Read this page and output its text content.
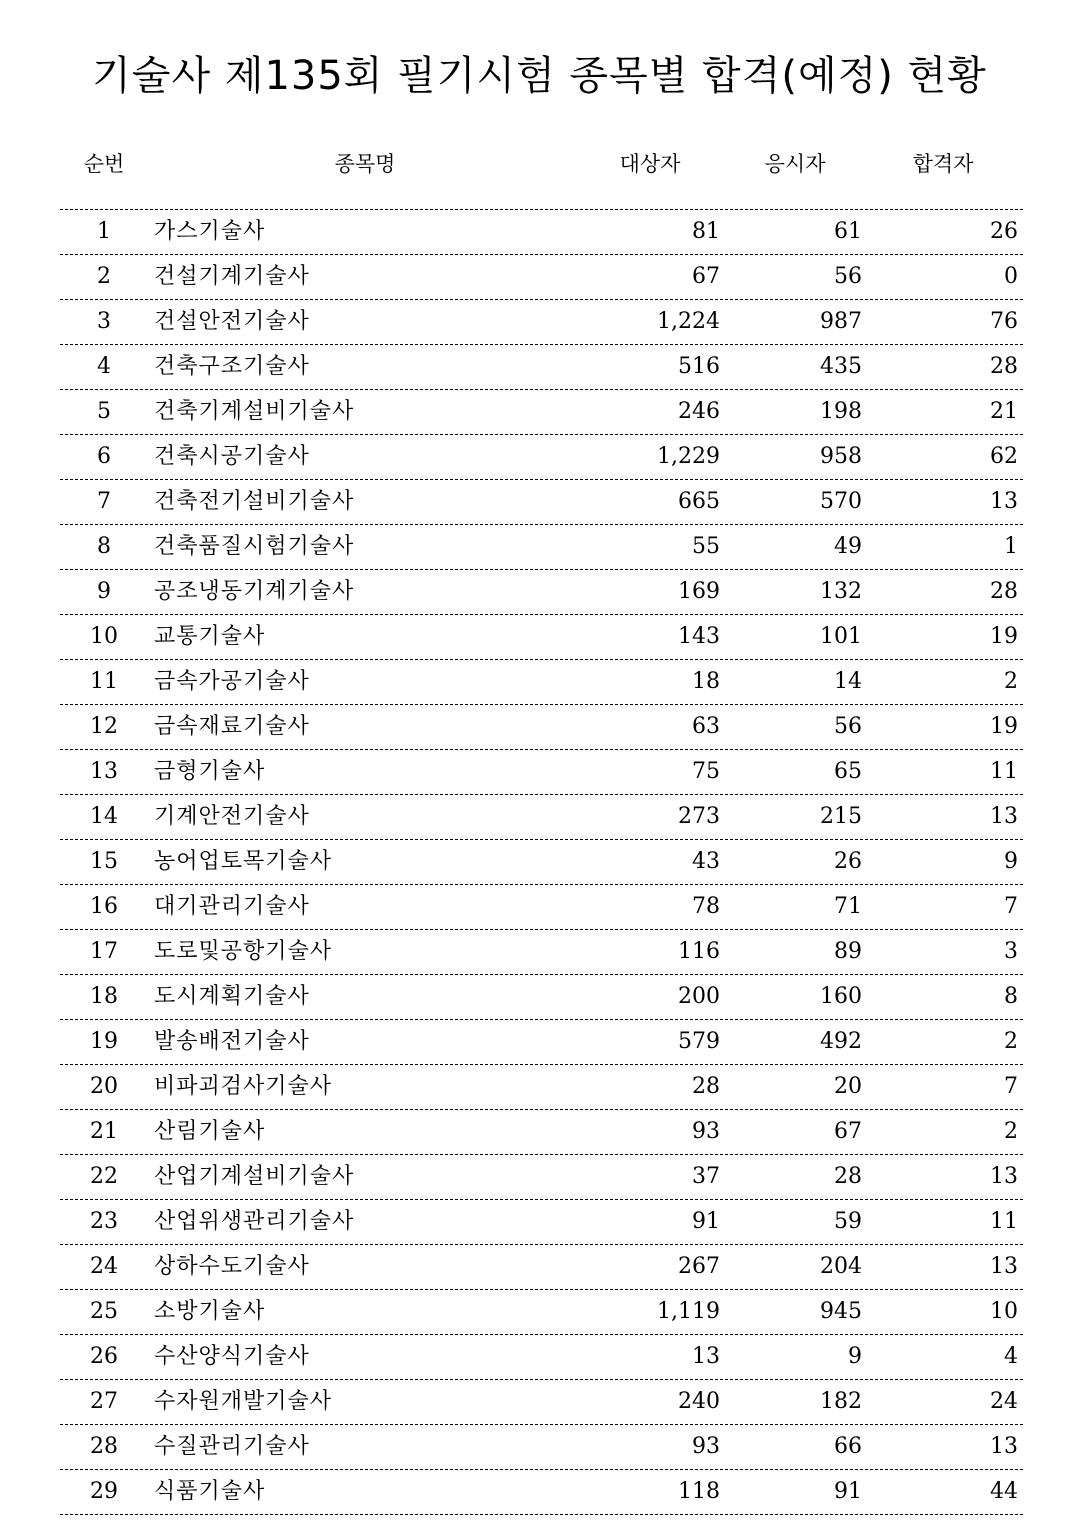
기술사 제135회 필기시험 종목별 합격(예정) 현황
순번	종목명	대상자	응시자	합격자
1	가스기술사	81	61	26
2	건설기계기술사	67	56	0
3	건설안전기술사	1,224	987	76
4	건축구조기술사	516	435	28
5	건축기계설비기술사	246	198	21
6	건축시공기술사	1,229	958	62
7	건축전기설비기술사	665	570	13
8	건축품질시험기술사	55	49	1
9	공조냉동기계기술사	169	132	28
10	교통기술사	143	101	19
11	금속가공기술사	18	14	2
12	금속재료기술사	63	56	19
13	금형기술사	75	65	11
14	기계안전기술사	273	215	13
15	농어업토목기술사	43	26	9
16	대기관리기술사	78	71	7
17	도로및공항기술사	116	89	3
18	도시계획기술사	200	160	8
19	발송배전기술사	579	492	2
20	비파괴검사기술사	28	20	7
21	산림기술사	93	67	2
22	산업기계설비기술사	37	28	13
23	산업위생관리기술사	91	59	11
24	상하수도기술사	267	204	13
25	소방기술사	1,119	945	10
26	수산양식기술사	13	9	4
27	수자원개발기술사	240	182	24
28	수질관리기술사	93	66	13
29	식품기술사	118	91	44
